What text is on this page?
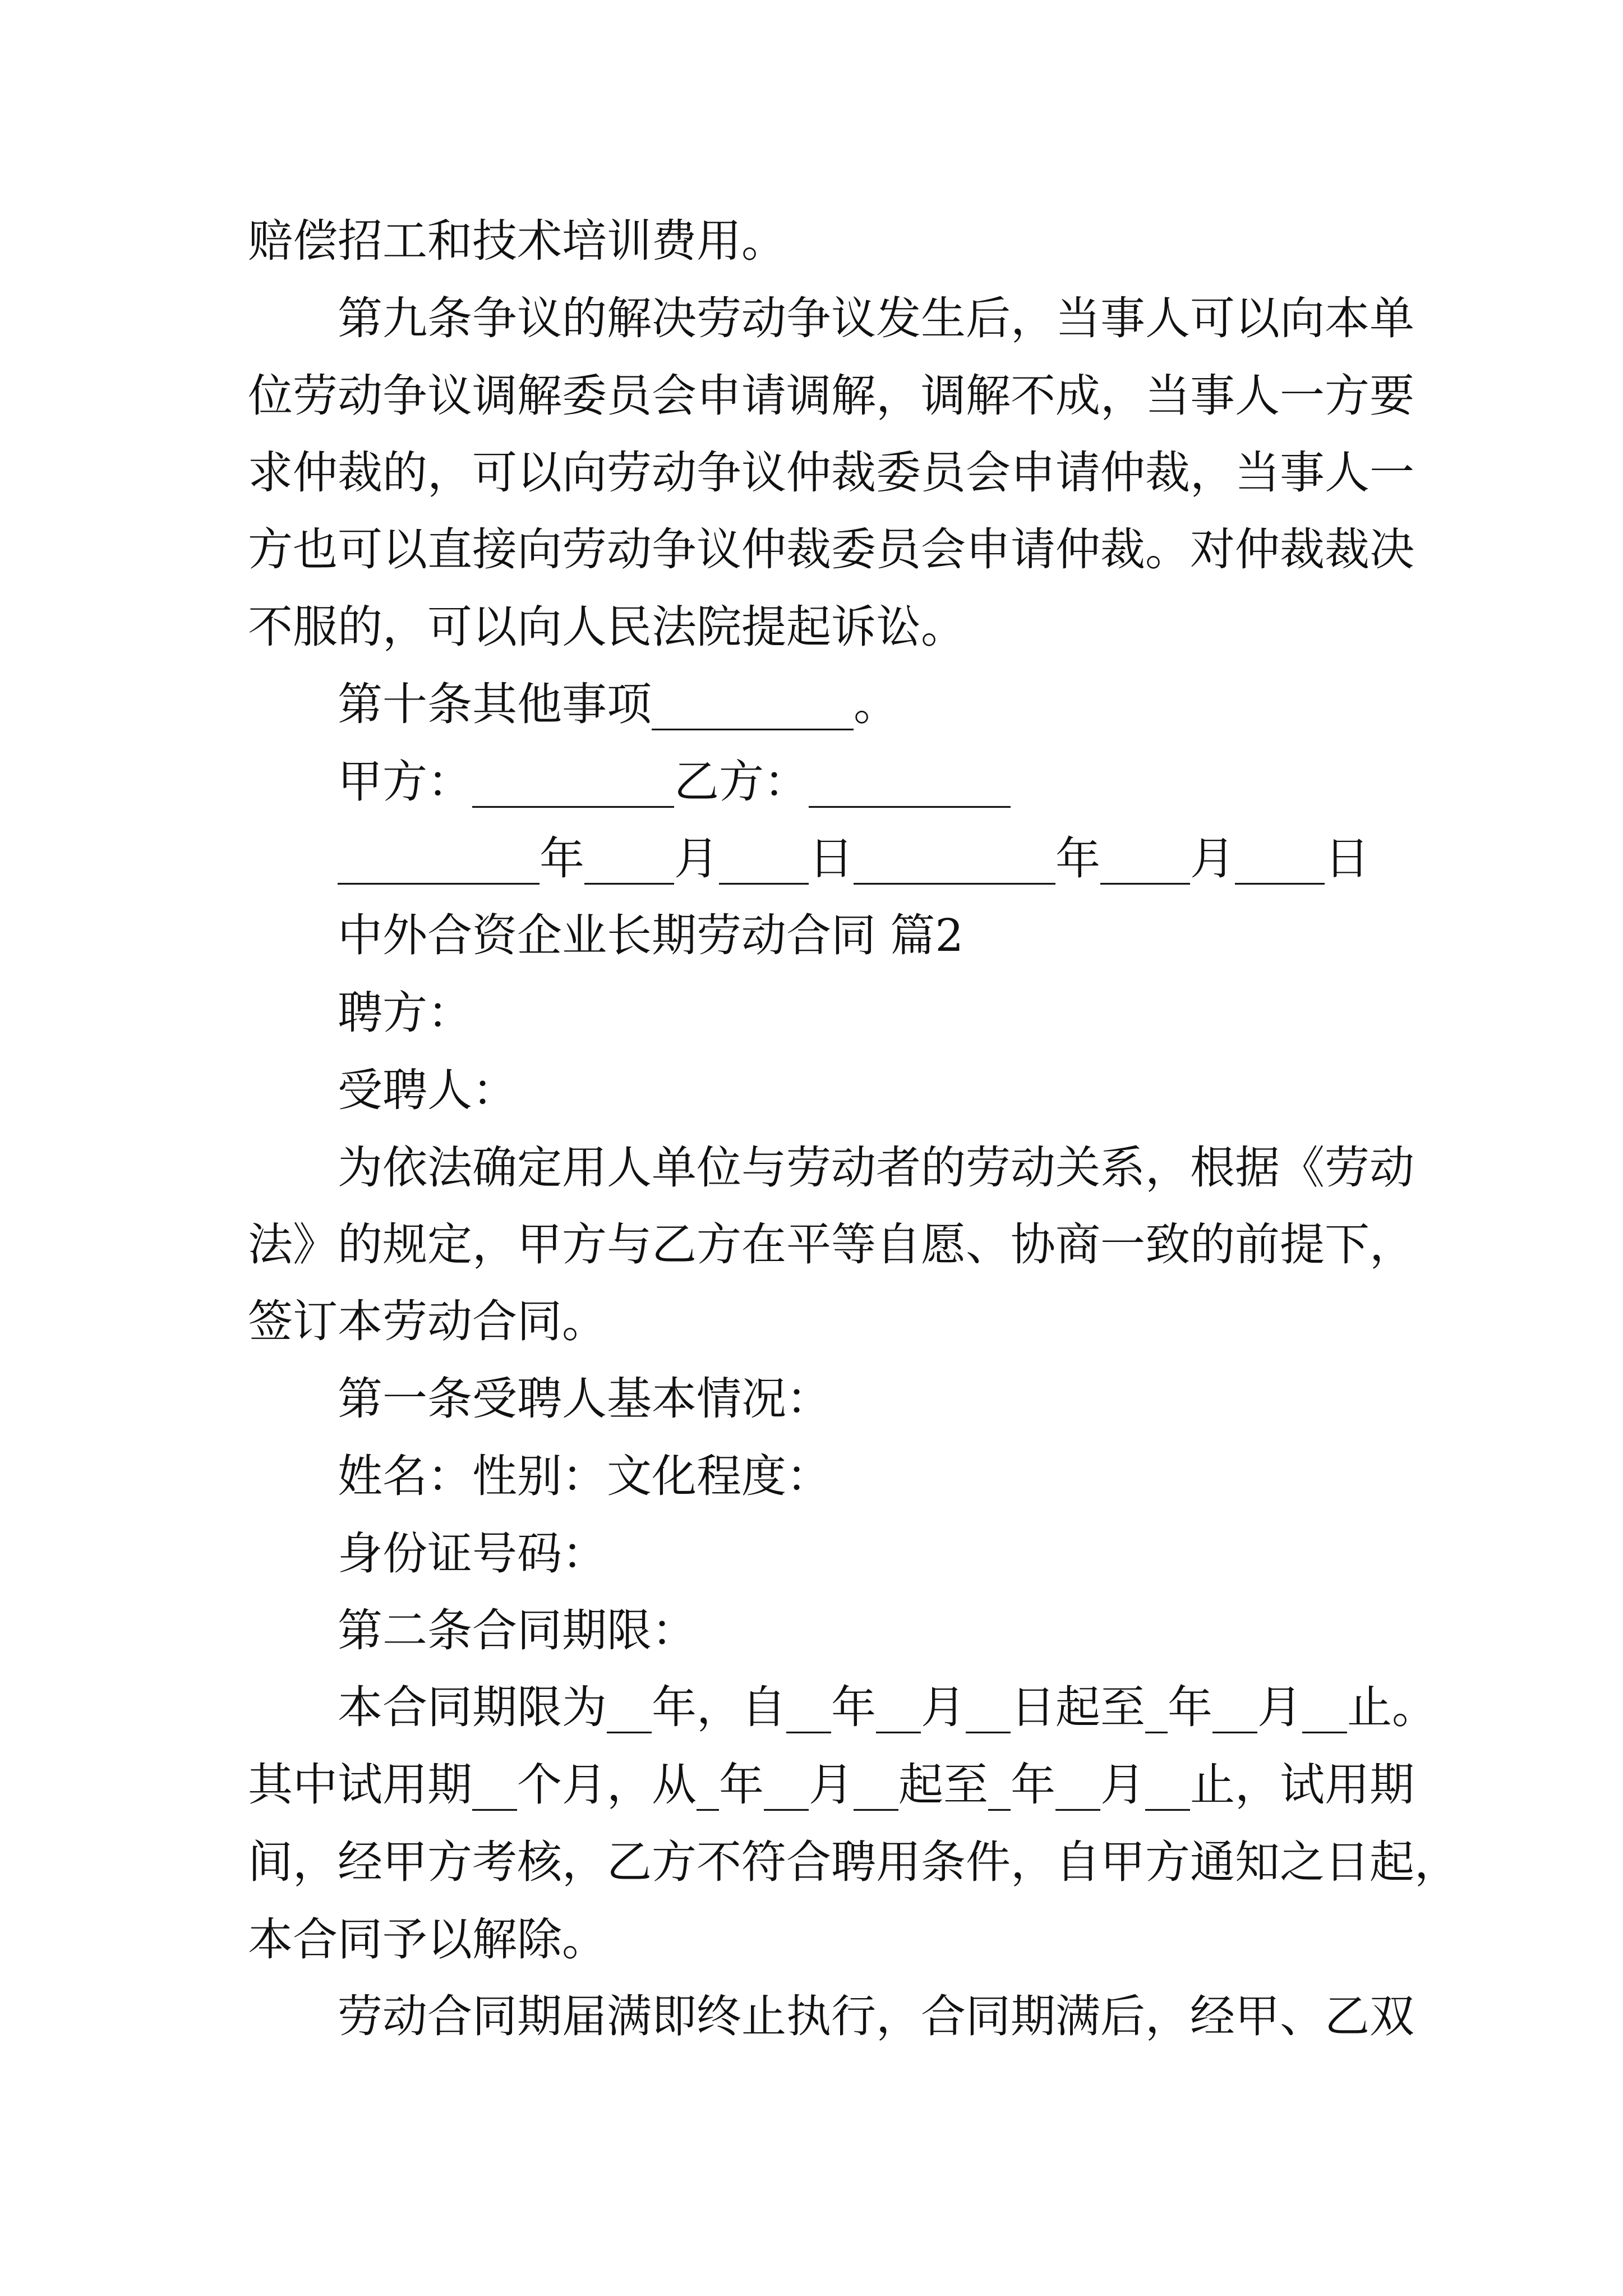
赔偿招工和技术培训费用。
第九条争议的解决劳动争议发生后，当事人可以向本单
位劳动争议调解委员会申请调解，调解不成，当事人一方要
求仲裁的，可以向劳动争议仲裁委员会申请仲裁，当事人一
方也可以直接向劳动争议仲裁委员会申请仲裁。对仲裁裁决
不服的，可以向人民法院提起诉讼。
第十条其他事项_________。
甲方：_________乙方：_________
_________年____月____日_________年____月____日
中外合资企业长期劳动合同 篇2
聘方：
受聘人：
为依法确定用人单位与劳动者的劳动关系，根据《劳动
法》的规定，甲方与乙方在平等自愿、协商一致的前提下，
签订本劳动合同。
第一条受聘人基本情况：
姓名：性别：文化程度：
身份证号码：
第二条合同期限：
本合同期限为__年，自__年__月__日起至_年__月__止。
其中试用期__个月，从_年__月__起至_年__月__止，试用期
间，经甲方考核，乙方不符合聘用条件，自甲方通知之日起，
本合同予以解除。
劳动合同期届满即终止执行，合同期满后，经甲、乙双
